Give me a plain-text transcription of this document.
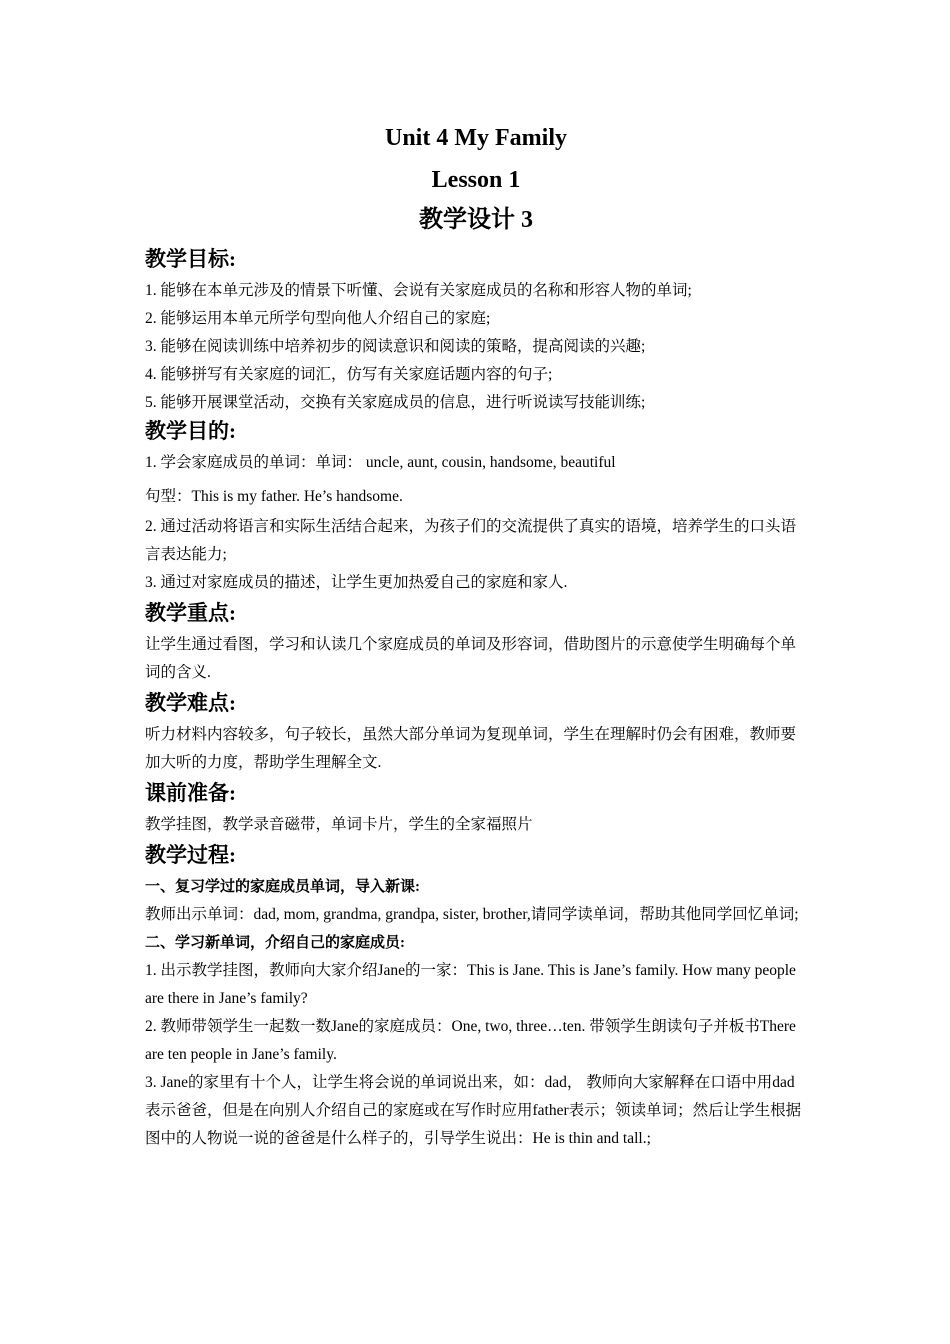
Unit 4 My Family
Lesson 1
教学设计 3
教学目标:

1. 能够在本单元涉及的情景下听懂、会说有关家庭成员的名称和形容人物的单词;

2. 能够运用本单元所学句型向他人介绍自己的家庭;

3. 能够在阅读训练中培养初步的阅读意识和阅读的策略，提高阅读的兴趣;

4. 能够拼写有关家庭的词汇，仿写有关家庭话题内容的句子;

5. 能够开展课堂活动，交换有关家庭成员的信息，进行听说读写技能训练;

教学目的:

1. 学会家庭成员的单词：单词： uncle, aunt, cousin, handsome, beautiful

句型：This is my father. He’s handsome.

2. 通过活动将语言和实际生活结合起来，为孩子们的交流提供了真实的语境，培养学生的口头语言表达能力;

3. 通过对家庭成员的描述，让学生更加热爱自己的家庭和家人.

教学重点:

让学生通过看图，学习和认读几个家庭成员的单词及形容词，借助图片的示意使学生明确每个单词的含义.

教学难点:

听力材料内容较多，句子较长，虽然大部分单词为复现单词，学生在理解时仍会有困难，教师要加大听的力度，帮助学生理解全文.

课前准备:

教学挂图，教学录音磁带，单词卡片，学生的全家福照片

教学过程:

一、复习学过的家庭成员单词，导入新课:

教师出示单词：dad, mom, grandma, grandpa, sister, brother,请同学读单词，帮助其他同学回忆单词;

二、学习新单词，介绍自己的家庭成员:

1. 出示教学挂图，教师向大家介绍Jane的一家：This is Jane. This is Jane’s family. How many people are there in Jane’s family?

2. 教师带领学生一起数一数Jane的家庭成员：One, two, three…ten. 带领学生朗读句子并板书There are ten people in Jane’s family.

3. Jane的家里有十个人，让学生将会说的单词说出来，如：dad， 教师向大家解释在口语中用dad表示爸爸，但是在向别人介绍自己的家庭或在写作时应用father表示；领读单词；然后让学生根据图中的人物说一说的爸爸是什么样子的，引导学生说出：He is thin and tall.;
